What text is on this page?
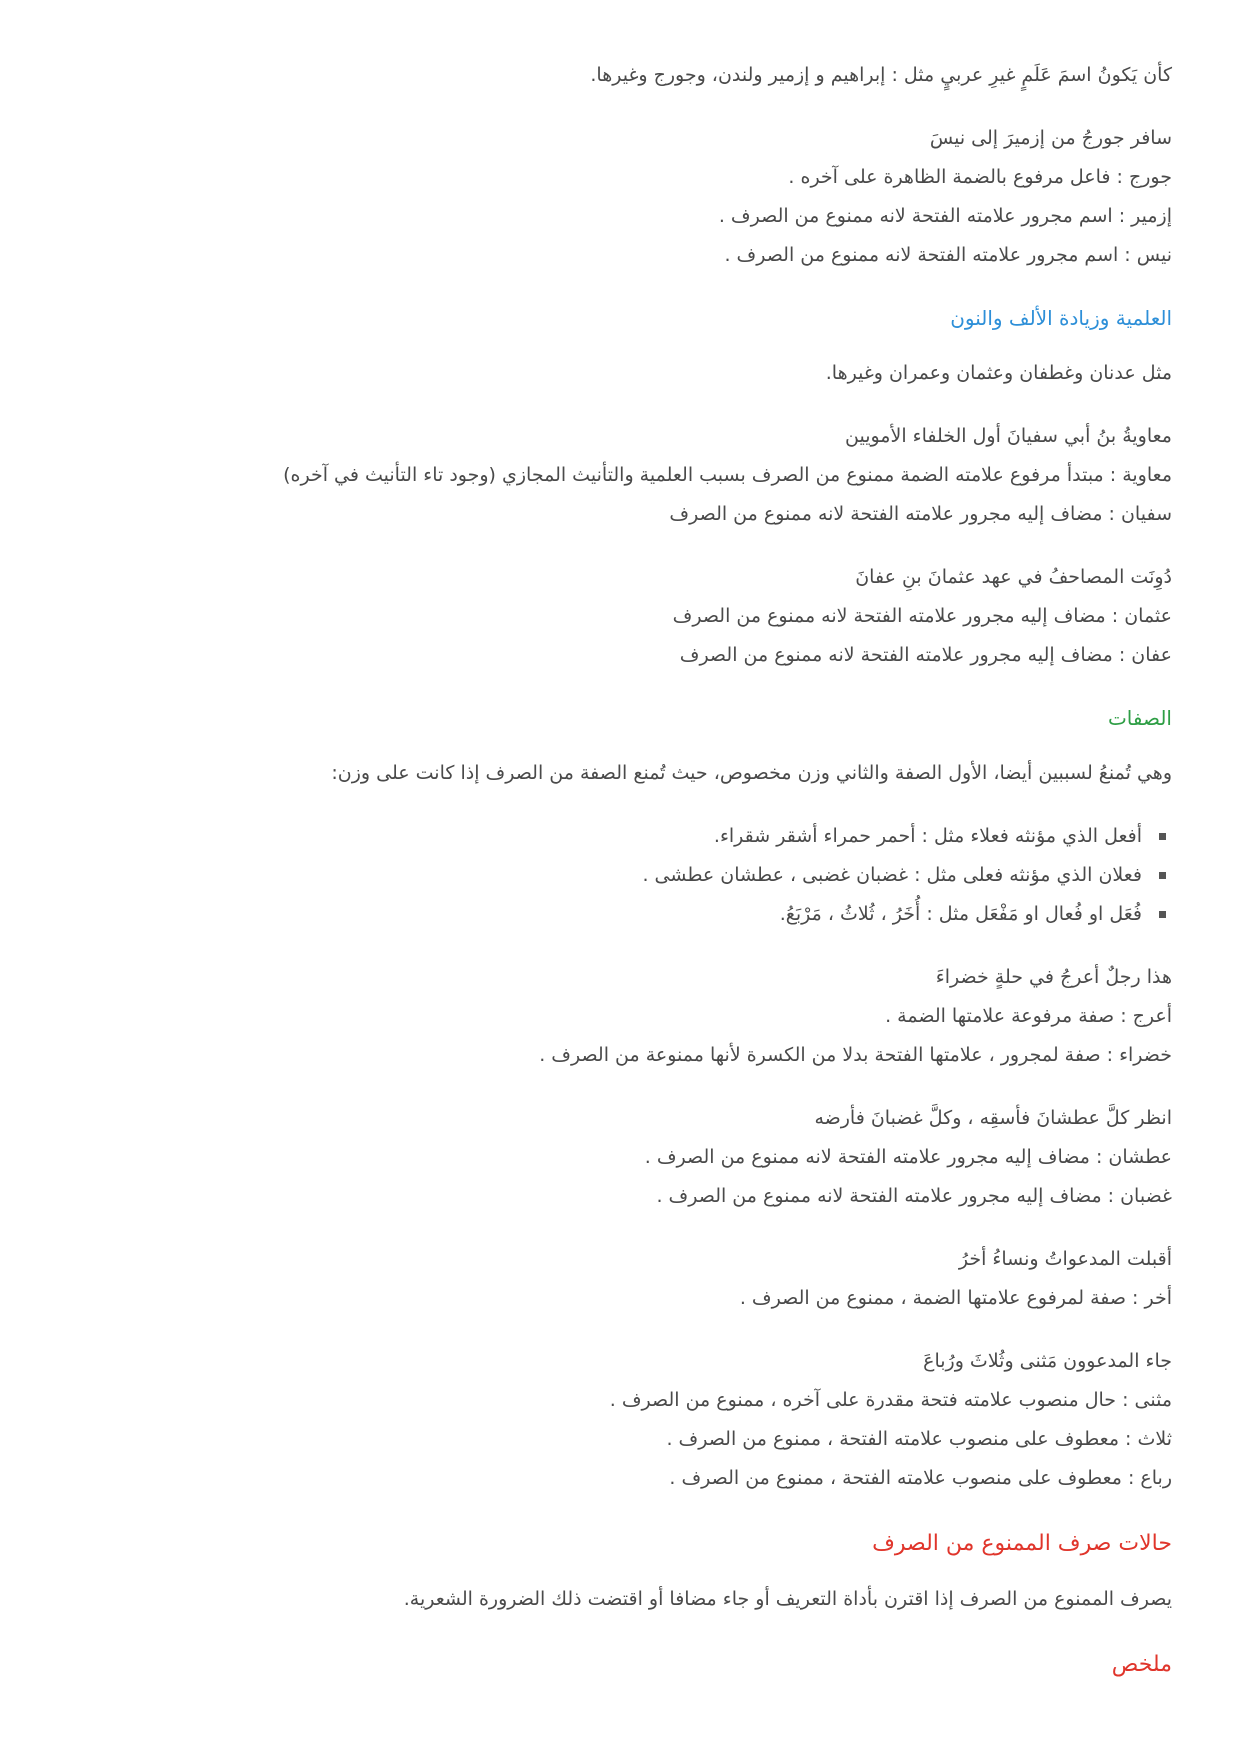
كأن يَكونُ اسمَ عَلَمٍ غيرِ عربيٍ مثل : إبراهيم و إزمير ولندن، وجورج وغيرها.

سافر جورجُ من إزميرَ إلى نيسَ
جورج : فاعل مرفوع بالضمة الظاهرة على آخره .
إزمير : اسم مجرور علامته الفتحة لانه ممنوع من الصرف .
نيس : اسم مجرور علامته الفتحة لانه ممنوع من الصرف .

العلمية وزيادة الألف والنون

مثل عدنان وغطفان وعثمان وعمران وغيرها.

معاويةُ بنُ أبي سفيانَ أول الخلفاء الأمويين
معاوية : مبتدأ مرفوع علامته الضمة ممنوع من الصرف بسبب العلمية والتأنيث المجازي (وجود تاء التأنيث في آخره)
سفيان : مضاف إليه مجرور علامته الفتحة لانه ممنوع من الصرف

دُوِنَت المصاحفُ في عهد عثمانَ بنِ عفانَ
عثمان : مضاف إليه مجرور علامته الفتحة لانه ممنوع من الصرف
عفان : مضاف إليه مجرور علامته الفتحة لانه ممنوع من الصرف

الصفات

وهي تُمنعُ لسببين أيضا، الأول الصفة والثاني وزن مخصوص، حيث تُمنع الصفة من الصرف إذا كانت على وزن:

أفعل الذي مؤنثه فعلاء مثل : أحمر حمراء أشقر شقراء.
فعلان الذي مؤنثه فعلى مثل : غضبان غضبى ، عطشان عطشى .
فُعَل او فُعال او مَفْعَل مثل : أُخَرُ ، ثُلاثُ ، مَرْبَعُ.

هذا رجلٌ أعرجُ في حلةٍ خضراءَ
أعرج : صفة مرفوعة علامتها الضمة .
خضراء : صفة لمجرور ، علامتها الفتحة بدلا من الكسرة لأنها ممنوعة من الصرف .

انظر كلَّ عطشانَ فأسقِه ، وكلَّ غضبانَ فأرضه
عطشان : مضاف إليه مجرور علامته الفتحة لانه ممنوع من الصرف .
غضبان : مضاف إليه مجرور علامته الفتحة لانه ممنوع من الصرف .

أقبلت المدعواتُ ونساءُ أخرُ
أخر : صفة لمرفوع علامتها الضمة ، ممنوع من الصرف .

جاء المدعوون مَثنى وثُلاثَ ورُباعَ
مثنى : حال منصوب علامته فتحة مقدرة على آخره ، ممنوع من الصرف .
ثلاث : معطوف على منصوب علامته الفتحة ، ممنوع من الصرف .
رباع : معطوف على منصوب علامته الفتحة ، ممنوع من الصرف .

حالات صرف الممنوع من الصرف

يصرف الممنوع من الصرف إذا اقترن بأداة التعريف أو جاء مضافا أو اقتضت ذلك الضرورة الشعرية.

ملخص
